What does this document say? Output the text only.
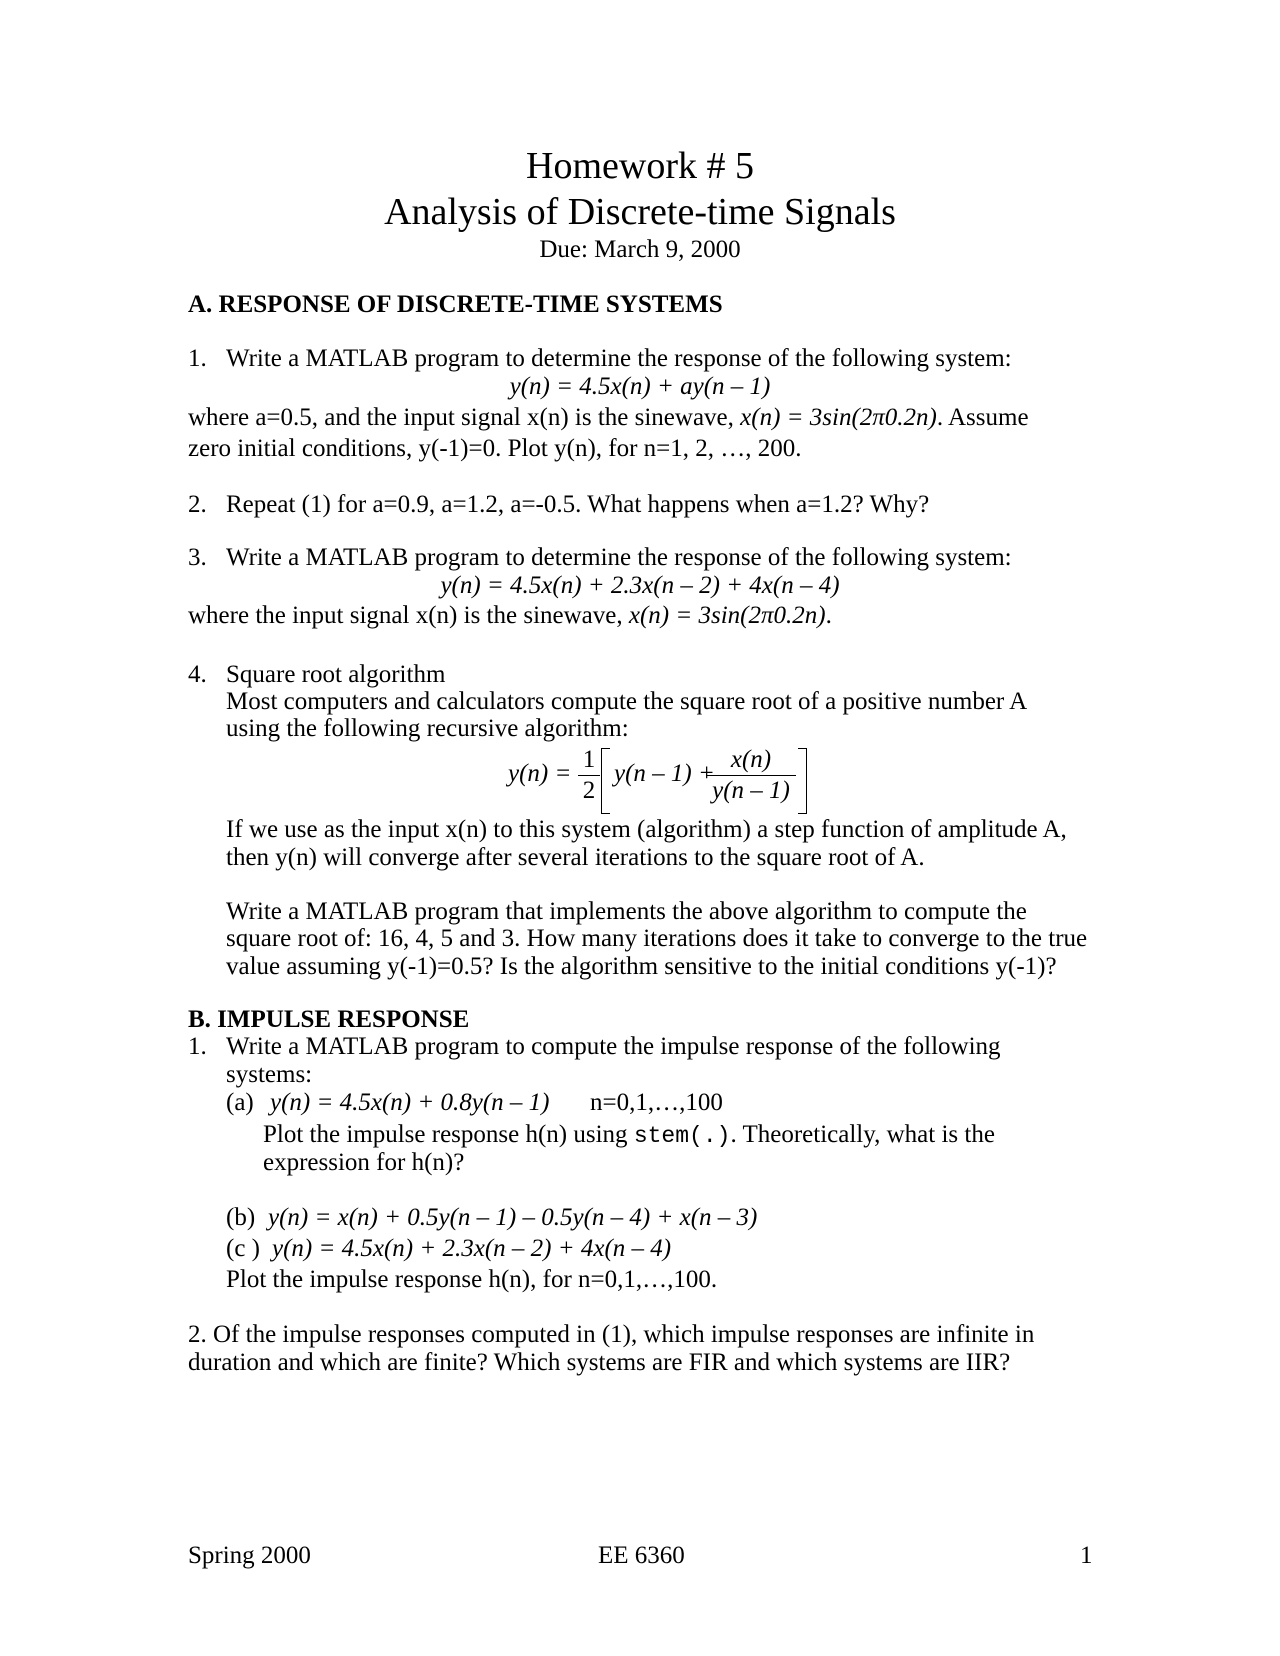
Homework # 5
Analysis of Discrete-time Signals
Due: March 9, 2000
A. RESPONSE OF DISCRETE-TIME SYSTEMS
1. Write a MATLAB program to determine the response of the following system:
y(n) = 4.5x(n) + ay(n – 1)
where a=0.5, and the input signal x(n) is the sinewave, x(n) = 3sin(2π0.2n). Assume
zero initial conditions, y(-1)=0. Plot y(n), for n=1, 2, …, 200.
2. Repeat (1) for a=0.9, a=1.2, a=-0.5. What happens when a=1.2? Why?
3. Write a MATLAB program to determine the response of the following system:
y(n) = 4.5x(n) + 2.3x(n – 2) + 4x(n – 4)
where the input signal x(n) is the sinewave, x(n) = 3sin(2π0.2n).
4. Square root algorithm
Most computers and calculators compute the square root of a positive number A
using the following recursive algorithm:
y(n) =
1
2
y(n – 1) +
x(n)
y(n – 1)
If we use as the input x(n) to this system (algorithm) a step function of amplitude A,
then y(n) will converge after several iterations to the square root of A.
Write a MATLAB program that implements the above algorithm to compute the
square root of: 16, 4, 5 and 3. How many iterations does it take to converge to the true
value assuming y(-1)=0.5? Is the algorithm sensitive to the initial conditions y(-1)?
B. IMPULSE RESPONSE
1. Write a MATLAB program to compute the impulse response of the following
systems:
(a) y(n) = 4.5x(n) + 0.8y(n – 1) n=0,1,…,100
Plot the impulse response h(n) using stem(.). Theoretically, what is the
expression for h(n)?
(b) y(n) = x(n) + 0.5y(n – 1) – 0.5y(n – 4) + x(n – 3)
(c ) y(n) = 4.5x(n) + 2.3x(n – 2) + 4x(n – 4)
Plot the impulse response h(n), for n=0,1,…,100.
2. Of the impulse responses computed in (1), which impulse responses are infinite in
duration and which are finite? Which systems are FIR and which systems are IIR?
Spring 2000	EE 6360	1
